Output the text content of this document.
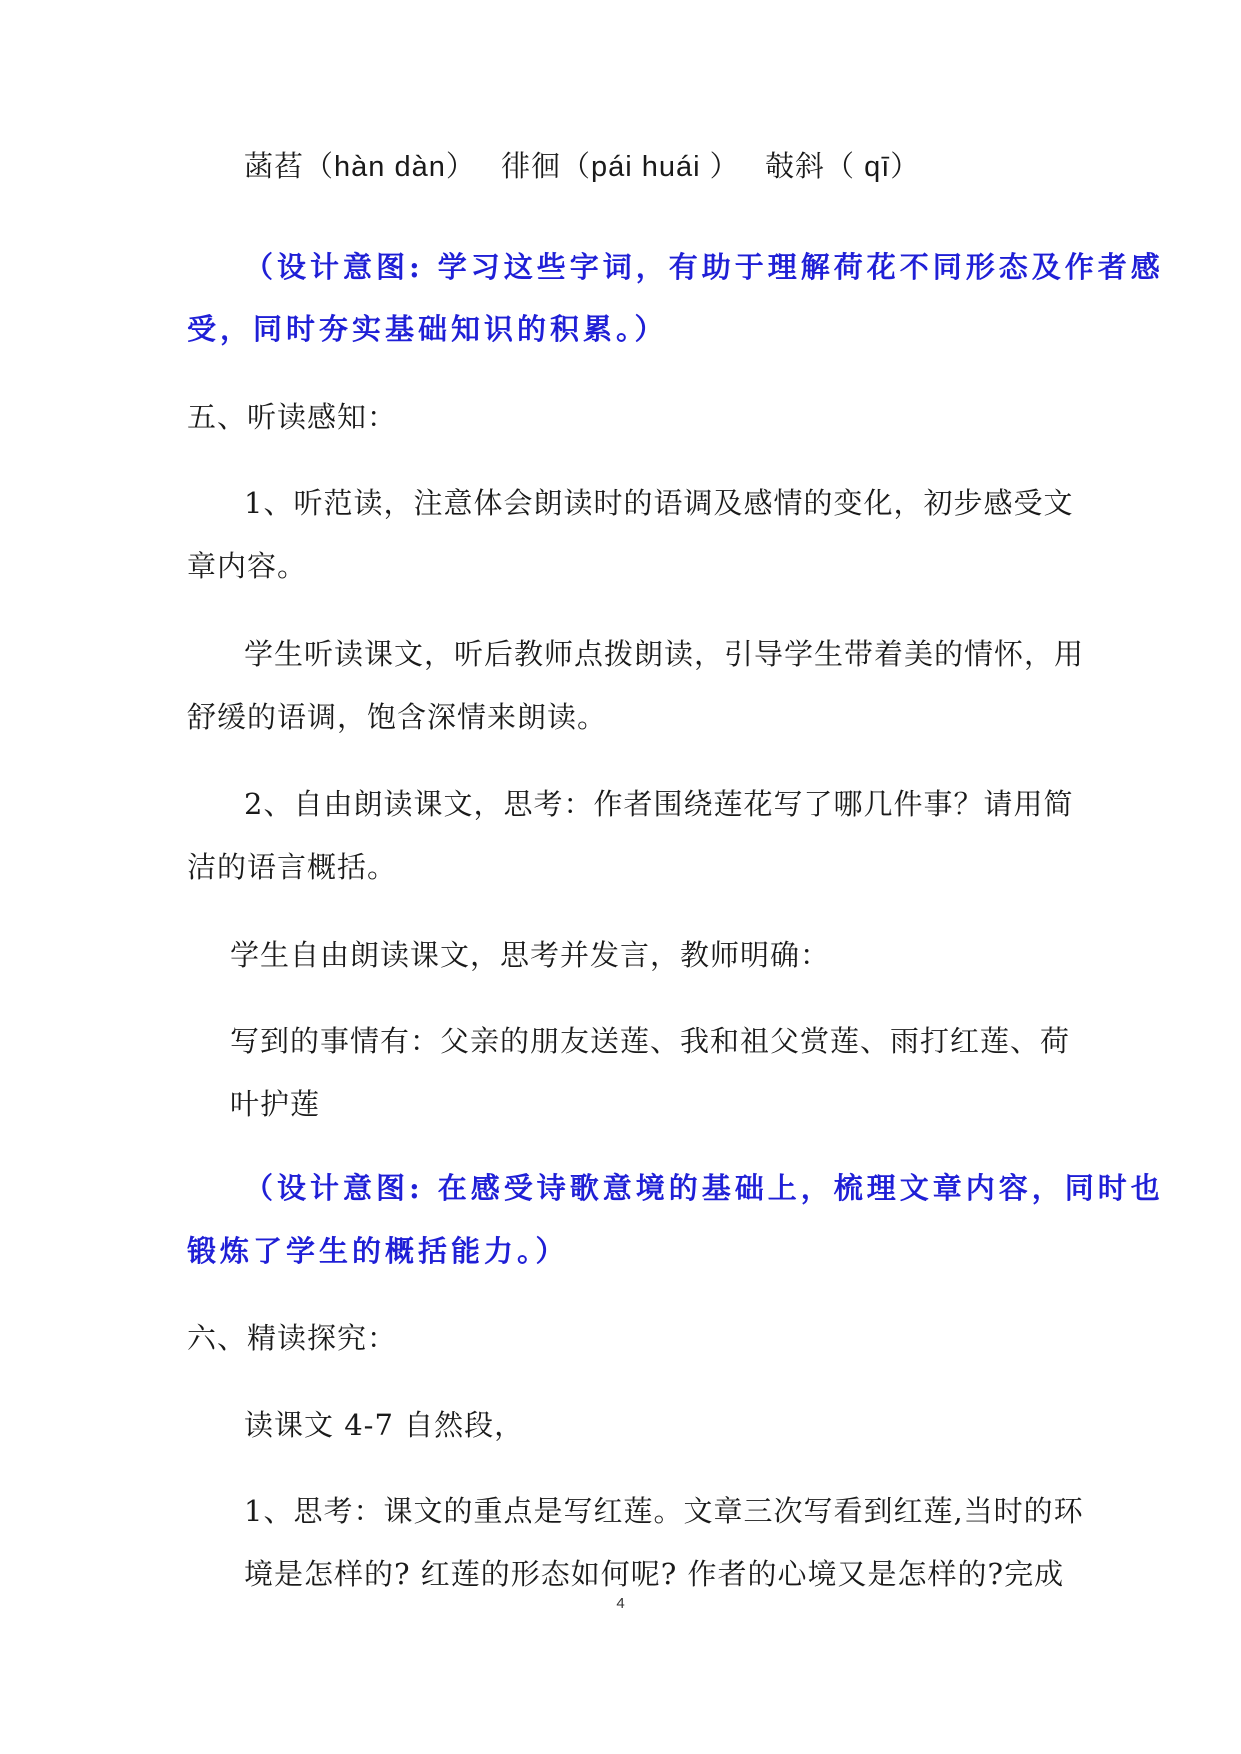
菡萏（hàn dàn） 徘徊（pái huái ） 攲斜（ qī）
（设计意图: 学习这些字词，有助于理解荷花不同形态及作者感
受，同时夯实基础知识的积累。）
五、听读感知：
1、听范读，注意体会朗读时的语调及感情的变化，初步感受文
章内容。
学生听读课文，听后教师点拨朗读，引导学生带着美的情怀，用
舒缓的语调，饱含深情来朗读。
2、自由朗读课文，思考：作者围绕莲花写了哪几件事？请用简
洁的语言概括。
学生自由朗读课文，思考并发言，教师明确：
写到的事情有：父亲的朋友送莲、我和祖父赏莲、雨打红莲、荷
叶护莲
（设计意图: 在感受诗歌意境的基础上，梳理文章内容，同时也
锻炼了学生的概括能力。）
六、精读探究：
读课文 4-7 自然段，
1、思考：课文的重点是写红莲。文章三次写看到红莲,当时的环
境是怎样的? 红莲的形态如何呢? 作者的心境又是怎样的?完成
4
